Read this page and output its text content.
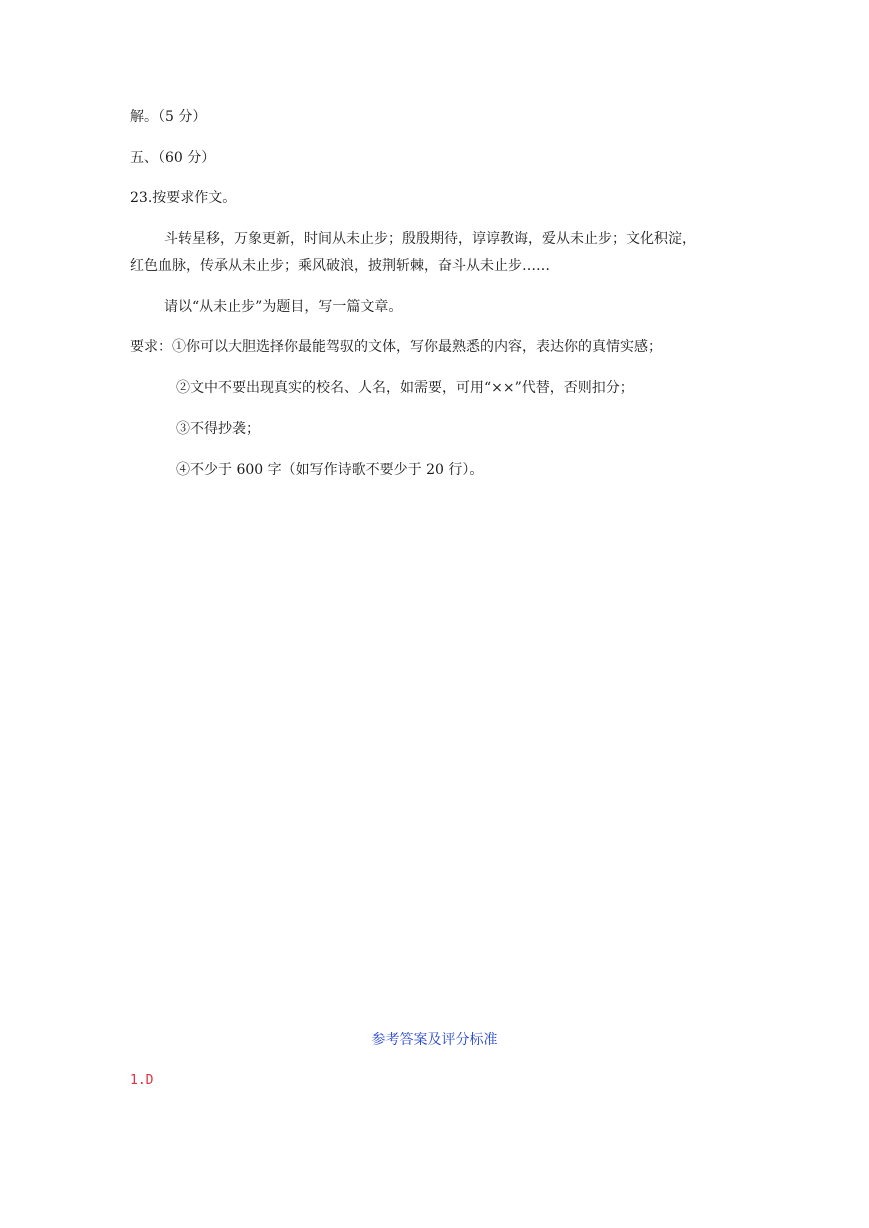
解。（5 分）
五、（60 分）
23.按要求作文。
斗转星移，万象更新，时间从未止步；殷殷期待，谆谆教诲，爱从未止步；文化积淀，
红色血脉，传承从未止步；乘风破浪，披荆斩棘，奋斗从未止步……
请以“从未止步”为题目，写一篇文章。
要求：①你可以大胆选择你最能驾驭的文体，写你最熟悉的内容，表达你的真情实感；
②文中不要出现真实的校名、人名，如需要，可用“××”代替，否则扣分；
③不得抄袭；
④不少于 600 字（如写作诗歌不要少于 20 行）。
参考答案及评分标准
1.D
